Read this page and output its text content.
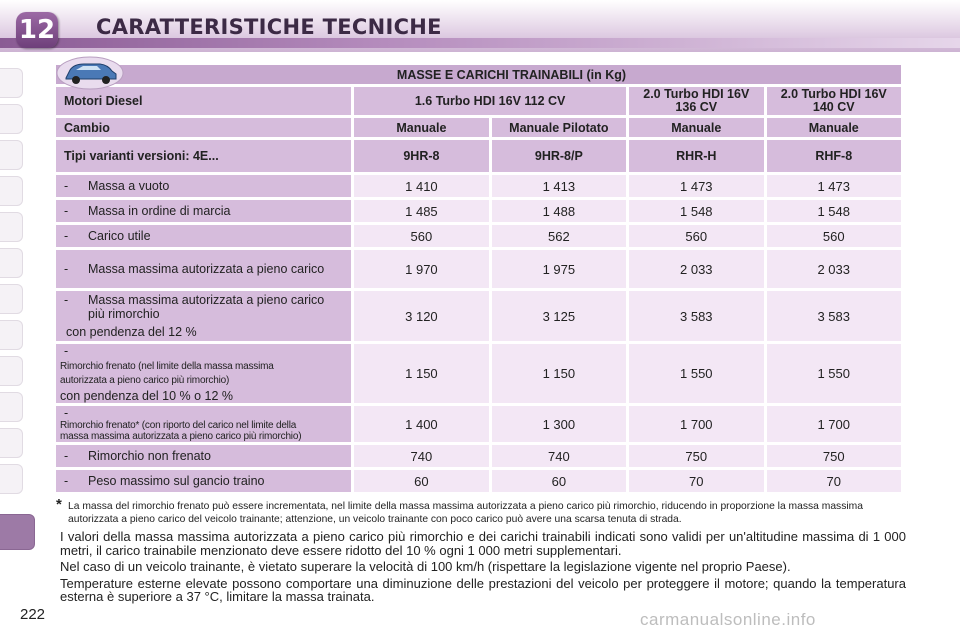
12 CARATTERISTICHE TECNICHE
MASSE E CARICHI TRAINABILI (in Kg)				
Motori Diesel	1.6 Turbo HDI 16V 112 CV		2.0 Turbo HDI 16V 136 CV	2.0 Turbo HDI 16V 140 CV
Cambio	Manuale	Manuale Pilotato	Manuale	Manuale

Tipi varianti versioni: 4E...	9HR-8	9HR-8/P	RHR-H	RHF-8
- Massa a vuoto	1 410	1 413	1 473	1 473
- Massa in ordine di marcia	1 485	1 488	1 548	1 548
- Carico utile	560	562	560	560
- Massa massima autorizzata a pieno carico	1 970	1 975	2 033	2 033
- Massa massima autorizzata a pieno carico più rimorchio
con pendenza del 12 %	3 120	3 125	3 583	3 583
-Rimorchio frenato (nel limite della massa massima autorizzata a pieno carico più rimorchio)
con pendenza del 10 % o 12 %	1 150	1 150	1 550	1 550
-Rimorchio frenato* (con riporto del carico nel limite della massa massima autorizzata a pieno carico più rimorchio)	1 400	1 300	1 700	1 700
- Rimorchio non frenato	740	740	750	750
- Peso massimo sul gancio traino	60	60	70	70
* La massa del rimorchio frenato può essere incrementata, nel limite della massa massima autorizzata a pieno carico più rimorchio, riducendo in proporzione la massa massima autorizzata a pieno carico del veicolo trainante; attenzione, un veicolo trainante con poco carico può avere una scarsa tenuta di strada.

I valori della massa massima autorizzata a pieno carico più rimorchio e dei carichi trainabili indicati sono validi per un'altitudine massima di 1 000 metri, il carico trainabile menzionato deve essere ridotto del 10 % ogni 1 000 metri supplementari.

Nel caso di un veicolo trainante, è vietato superare la velocità di 100 km/h (rispettare la legislazione vigente nel proprio Paese).

Temperature esterne elevate possono comportare una diminuzione delle prestazioni del veicolo per proteggere il motore; quando la temperatura esterna è superiore a 37 °C, limitare la massa trainata.

222	carmanualsonline.info
